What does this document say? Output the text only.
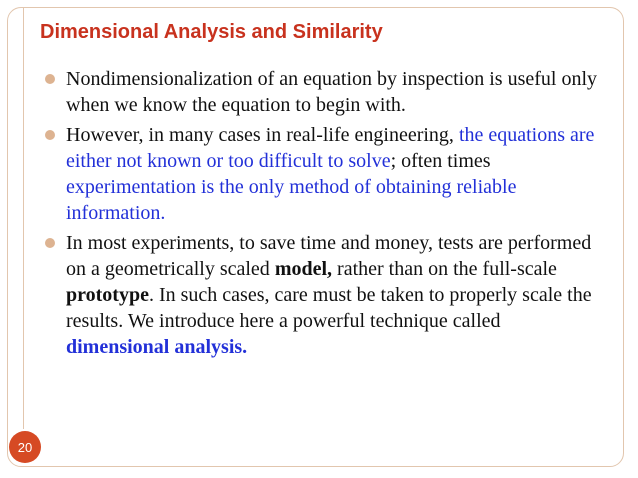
Dimensional Analysis and Similarity
Nondimensionalization of an equation by inspection is useful only when we know the equation to begin with.
However, in many cases in real-life engineering, the equations are either not known or too difficult to solve; often times experimentation is the only method of obtaining reliable information.
In most experiments, to save time and money, tests are performed on a geometrically scaled model, rather than on the full-scale prototype. In such cases, care must be taken to properly scale the results. We introduce here a powerful technique called dimensional analysis.
20
